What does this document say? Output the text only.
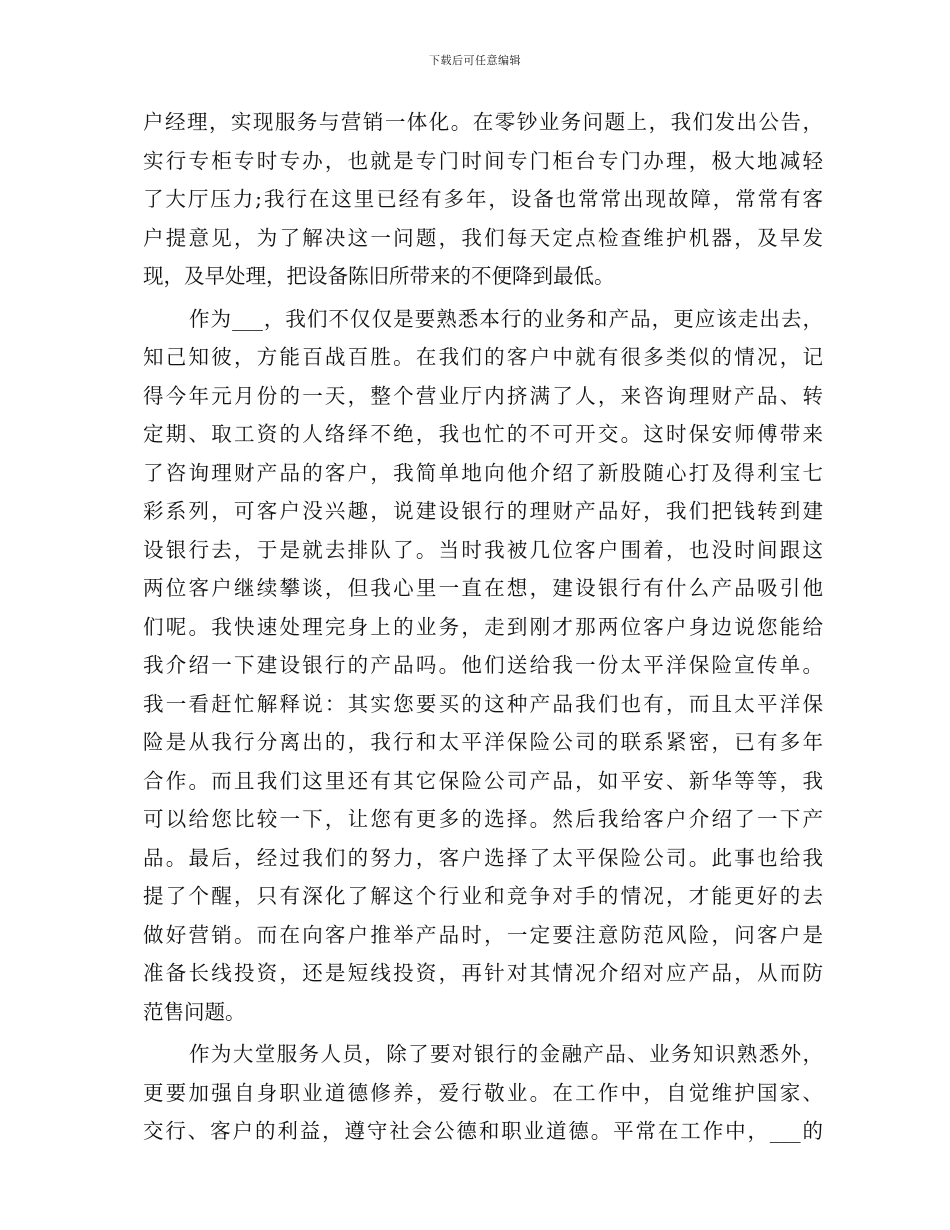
下载后可任意编辑
户经理，实现服务与营销一体化。在零钞业务问题上，我们发出公告，
实行专柜专时专办，也就是专门时间专门柜台专门办理，极大地减轻
了大厅压力;我行在这里已经有多年，设备也常常出现故障，常常有客
户提意见，为了解决这一问题，我们每天定点检查维护机器，及早发
现，及早处理，把设备陈旧所带来的不便降到最低。
作为___，我们不仅仅是要熟悉本行的业务和产品，更应该走出去，
知己知彼，方能百战百胜。在我们的客户中就有很多类似的情况，记
得今年元月份的一天，整个营业厅内挤满了人，来咨询理财产品、转
定期、取工资的人络绎不绝，我也忙的不可开交。这时保安师傅带来
了咨询理财产品的客户，我简单地向他介绍了新股随心打及得利宝七
彩系列，可客户没兴趣，说建设银行的理财产品好，我们把钱转到建
设银行去，于是就去排队了。当时我被几位客户围着，也没时间跟这
两位客户继续攀谈，但我心里一直在想，建设银行有什么产品吸引他
们呢。我快速处理完身上的业务，走到刚才那两位客户身边说您能给
我介绍一下建设银行的产品吗。他们送给我一份太平洋保险宣传单。
我一看赶忙解释说：其实您要买的这种产品我们也有，而且太平洋保
险是从我行分离出的，我行和太平洋保险公司的联系紧密，已有多年
合作。而且我们这里还有其它保险公司产品，如平安、新华等等，我
可以给您比较一下，让您有更多的选择。然后我给客户介绍了一下产
品。最后，经过我们的努力，客户选择了太平保险公司。此事也给我
提了个醒，只有深化了解这个行业和竞争对手的情况，才能更好的去
做好营销。而在向客户推举产品时，一定要注意防范风险，问客户是
准备长线投资，还是短线投资，再针对其情况介绍对应产品，从而防
范售问题。
作为大堂服务人员，除了要对银行的金融产品、业务知识熟悉外，
更要加强自身职业道德修养，爱行敬业。在工作中，自觉维护国家、
交行、客户的利益，遵守社会公德和职业道德。平常在工作中，___的
